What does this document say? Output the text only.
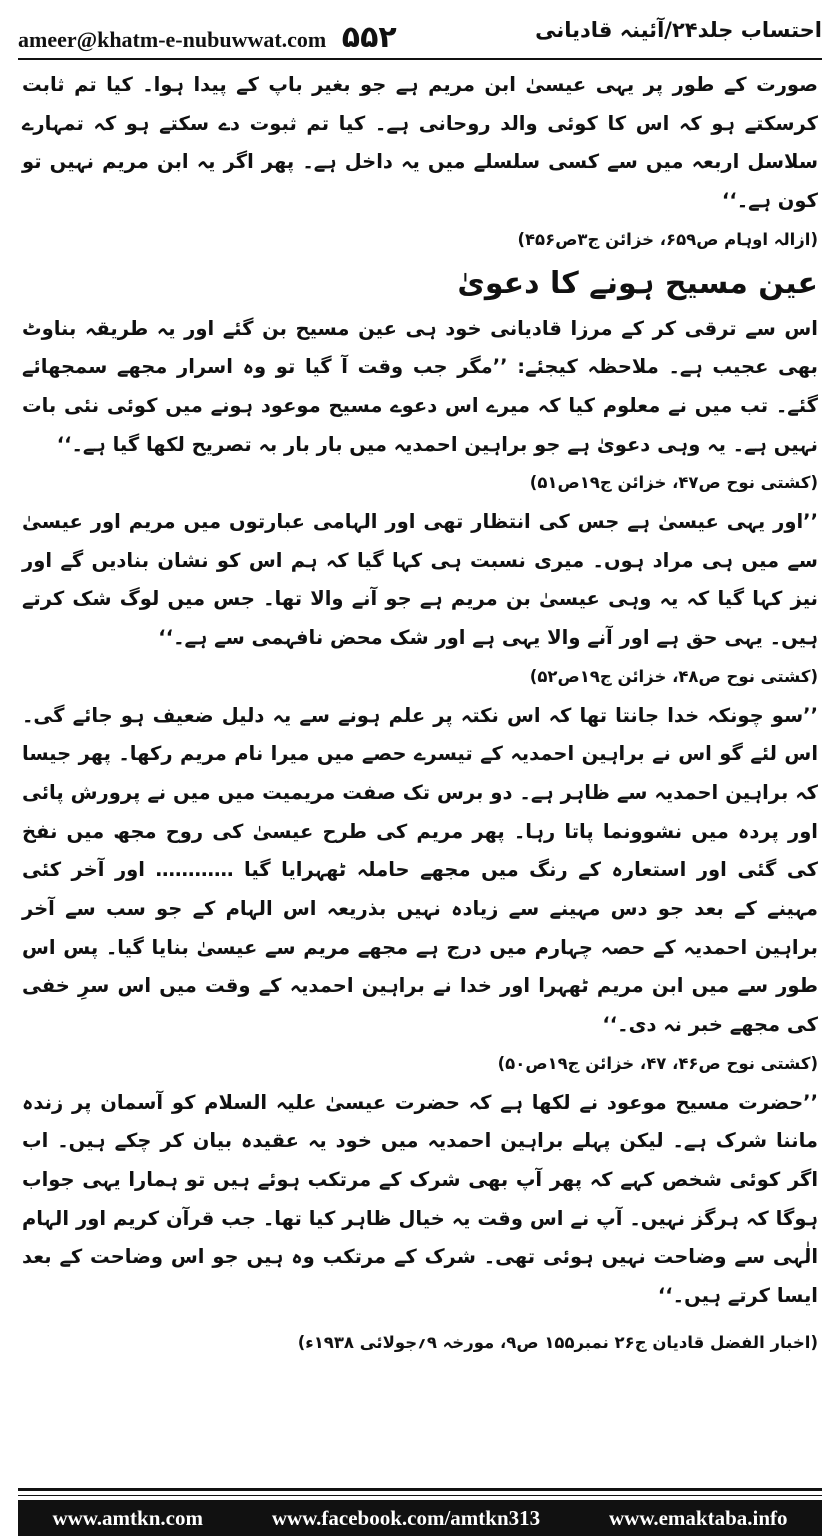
ameer@khatm-e-nubuwwat.com ۵۵۲	احتساب جلد۲۴/آئینہ قادیانی

صورت کے طور پر یہی عیسیٰ ابن مریم ہے جو بغیر باپ کے پیدا ہوا۔ کیا تم ثابت کرسکتے ہو کہ اس کا کوئی والد روحانی ہے۔ کیا تم ثبوت دے سکتے ہو کہ تمہارے سلاسل اربعہ میں سے کسی سلسلے میں یہ داخل ہے۔ پھر اگر یہ ابن مریم نہیں تو کون ہے۔‘‘

(ازالہ اوہام ص۶۵۹، خزائن ج۳ص۴۵۶)

عین مسیح ہونے کا دعویٰ

اس سے ترقی کر کے مرزا قادیانی خود ہی عین مسیح بن گئے اور یہ طریقہ بناوٹ بھی عجیب ہے۔ ملاحظہ کیجئے: ’’مگر جب وقت آ گیا تو وہ اسرار مجھے سمجھائے گئے۔ تب میں نے معلوم کیا کہ میرے اس دعوے مسیح موعود ہونے میں کوئی نئی بات نہیں ہے۔ یہ وہی دعویٰ ہے جو براہین احمدیہ میں بار بار بہ تصریح لکھا گیا ہے۔‘‘

(کشتی نوح ص۴۷، خزائن ج۱۹ص۵۱)

’’اور یہی عیسیٰ ہے جس کی انتظار تھی اور الہامی عبارتوں میں مریم اور عیسیٰ سے میں ہی مراد ہوں۔ میری نسبت ہی کہا گیا کہ ہم اس کو نشان بنادیں گے اور نیز کہا گیا کہ یہ وہی عیسیٰ بن مریم ہے جو آنے والا تھا۔ جس میں لوگ شک کرتے ہیں۔ یہی حق ہے اور آنے والا یہی ہے اور شک محض نافہمی سے ہے۔‘‘

(کشتی نوح ص۴۸، خزائن ج۱۹ص۵۲)

’’سو چونکہ خدا جانتا تھا کہ اس نکتہ پر علم ہونے سے یہ دلیل ضعیف ہو جائے گی۔ اس لئے گو اس نے براہین احمدیہ کے تیسرے حصے میں میرا نام مریم رکھا۔ پھر جیسا کہ براہین احمدیہ سے ظاہر ہے۔ دو برس تک صفت مریمیت میں میں نے پرورش پائی اور پردہ میں نشوونما پاتا رہا۔ پھر مریم کی طرح عیسیٰ کی روح مجھ میں نفخ کی گئی اور استعارہ کے رنگ میں مجھے حاملہ ٹھہرایا گیا ………… اور آخر کئی مہینے کے بعد جو دس مہینے سے زیادہ نہیں بذریعہ اس الہام کے جو سب سے آخر براہین احمدیہ کے حصہ چہارم میں درج ہے مجھے مریم سے عیسیٰ بنایا گیا۔ پس اس طور سے میں ابن مریم ٹھہرا اور خدا نے براہین احمدیہ کے وقت میں اس سرِ خفی کی مجھے خبر نہ دی۔‘‘

(کشتی نوح ص۴۶، ۴۷، خزائن ج۱۹ص۵۰)

’’حضرت مسیح موعود نے لکھا ہے کہ حضرت عیسیٰ علیہ السلام کو آسمان پر زندہ ماننا شرک ہے۔ لیکن پہلے براہین احمدیہ میں خود یہ عقیدہ بیان کر چکے ہیں۔ اب اگر کوئی شخص کہے کہ پھر آپ بھی شرک کے مرتکب ہوئے ہیں تو ہمارا یہی جواب ہوگا کہ ہرگز نہیں۔ آپ نے اس وقت یہ خیال ظاہر کیا تھا۔ جب قرآن کریم اور الہام الٰہی سے وضاحت نہیں ہوئی تھی۔ شرک کے مرتکب وہ ہیں جو اس وضاحت کے بعد ایسا کرتے ہیں۔‘‘

(اخبار الفضل قادیان ج۲۶ نمبر۱۵۵ ص۹، مورخہ ۹؍جولائی ۱۹۳۸ء)

www.amtkn.com	www.facebook.com/amtkn313	www.emaktaba.info
